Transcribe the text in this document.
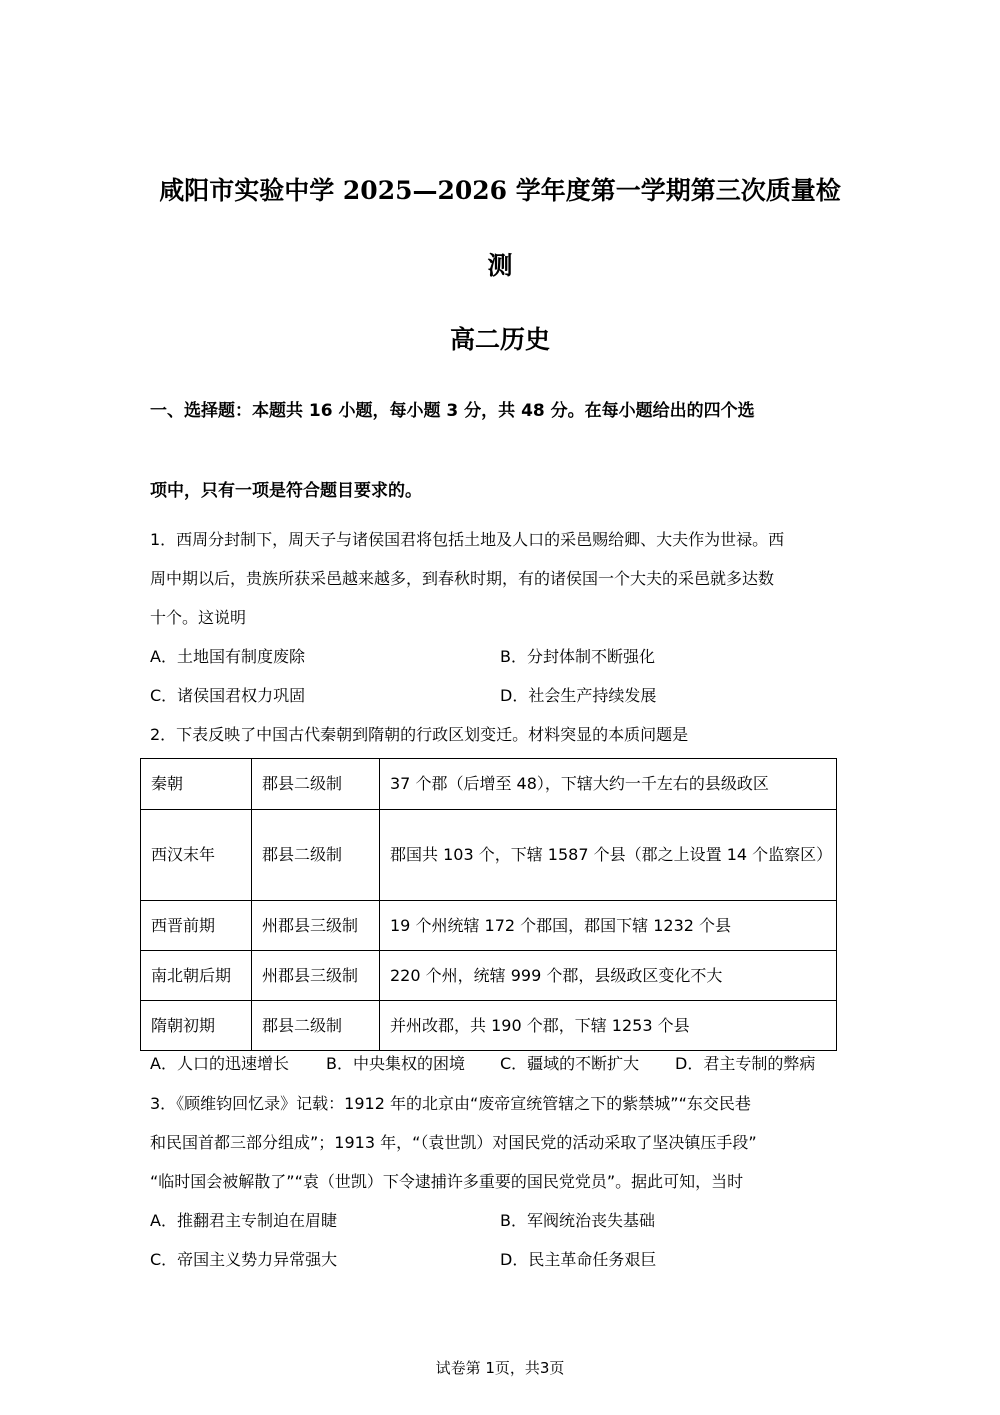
咸阳市实验中学 2025—2026 学年度第一学期第三次质量检
测
高二历史
一、选择题：本题共 16 小题，每小题 3 分，共 48 分。在每小题给出的四个选
项中，只有一项是符合题目要求的。
1．西周分封制下，周天子与诸侯国君将包括土地及人口的采邑赐给卿、大夫作为世禄。西
周中期以后，贵族所获采邑越来越多，到春秋时期，有的诸侯国一个大夫的采邑就多达数
十个。这说明
A．土地国有制度废除	B．分封体制不断强化
C．诸侯国君权力巩固	D．社会生产持续发展
2．下表反映了中国古代秦朝到隋朝的行政区划变迁。材料突显的本质问题是
秦朝	郡县二级制	37 个郡（后增至 48），下辖大约一千左右的县级政区
西汉末年	郡县二级制	郡国共 103 个，下辖 1587 个县（郡之上设置 14 个监察区）
西晋前期	州郡县三级制	19 个州统辖 172 个郡国，郡国下辖 1232 个县
南北朝后期	州郡县三级制	220 个州，统辖 999 个郡，县级政区变化不大
隋朝初期	郡县二级制	并州改郡，共 190 个郡，下辖 1253 个县
A．人口的迅速增长 B．中央集权的困境 C．疆域的不断扩大 D．君主专制的弊病
3．《顾维钧回忆录》记载：1912 年的北京由“废帝宣统管辖之下的紫禁城”“东交民巷
和民国首都三部分组成”；1913 年，“（袁世凯）对国民党的活动采取了坚决镇压手段”
“临时国会被解散了”“袁（世凯）下令逮捕许多重要的国民党党员”。据此可知，当时
A．推翻君主专制迫在眉睫	B．军阀统治丧失基础
C．帝国主义势力异常强大	D．民主革命任务艰巨
试卷第 1页，共3页
